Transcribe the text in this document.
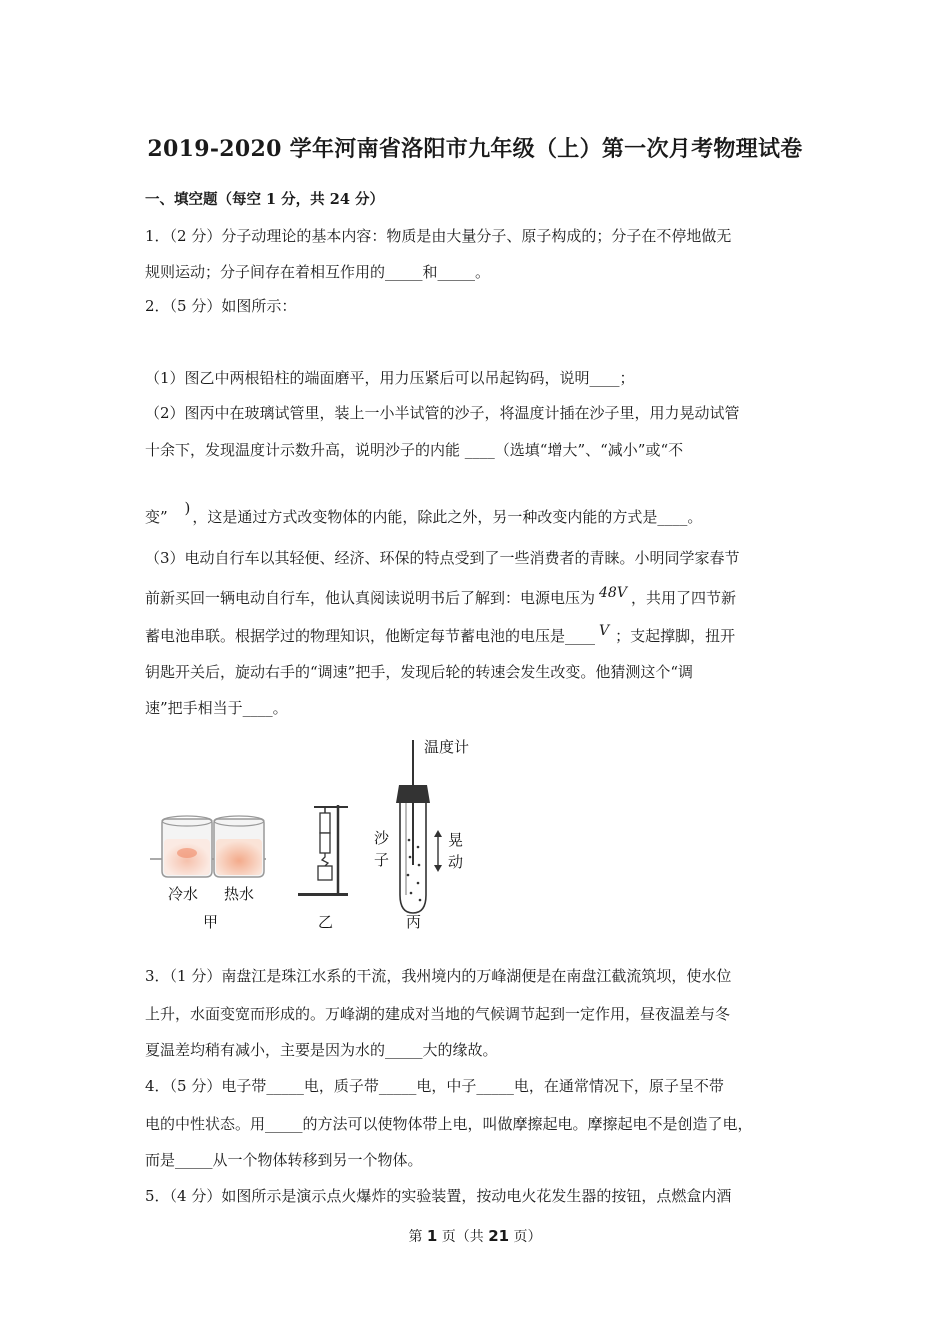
2019-2020 学年河南省洛阳市九年级（上）第一次月考物理试卷
一、填空题（每空 1 分，共 24 分）
1．（2 分）分子动理论的基本内容：物质是由大量分子、原子构成的；分子在不停地做无
规则运动；分子间存在着相互作用的_____和_____。
2．（5 分）如图所示：
（1）图乙中两根铅柱的端面磨平，用力压紧后可以吊起钩码，说明____；
（2）图丙中在玻璃试管里，装上一小半试管的沙子，将温度计插在沙子里，用力晃动试管
十余下，发现温度计示数升高，说明沙子的内能 ____（选填“增大”、“减小”或“不
变” ) ，这是通过方式改变物体的内能，除此之外，另一种改变内能的方式是____。
（3）电动自行车以其轻便、经济、环保的特点受到了一些消费者的青睐。小明同学家春节
前新买回一辆电动自行车，他认真阅读说明书后了解到：电源电压为 48V ，共用了四节新
蓄电池串联。根据学过的物理知识，他断定每节蓄电池的电压是____ V ；支起撑脚，扭开
钥匙开关后，旋动右手的“调速”把手，发现后轮的转速会发生改变。他猜测这个“调
速”把手相当于____。
冷水 热水
甲	乙
温度计
沙
子
晃
动
丙
3．（1 分）南盘江是珠江水系的干流，我州境内的万峰湖便是在南盘江截流筑坝，使水位
上升，水面变宽而形成的。万峰湖的建成对当地的气候调节起到一定作用，昼夜温差与冬
夏温差均稍有减小，主要是因为水的_____大的缘故。
4．（5 分）电子带_____电，质子带_____电，中子_____电，在通常情况下，原子呈不带
电的中性状态。用_____的方法可以使物体带上电，叫做摩擦起电。摩擦起电不是创造了电，
而是_____从一个物体转移到另一个物体。
5．（4 分）如图所示是演示点火爆炸的实验装置，按动电火花发生器的按钮，点燃盒内酒
第 1 页（共 21 页）
